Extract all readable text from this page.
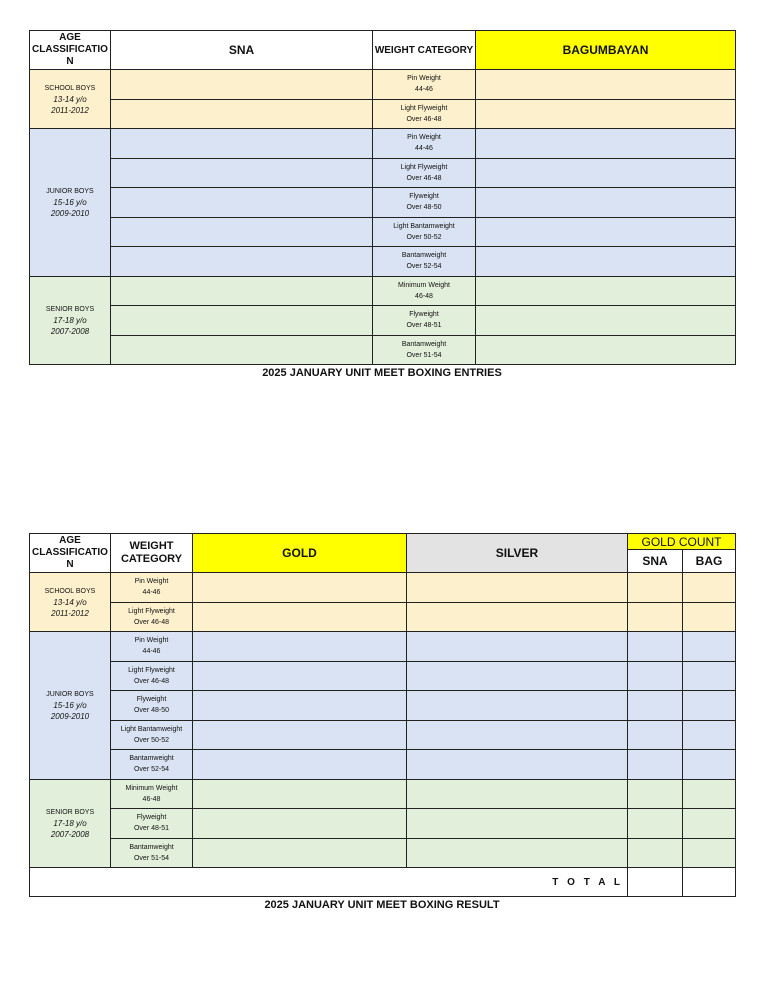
AGE CLASSIFICATIO N	SNA	WEIGHT CATEGORY	BAGUMBAYAN

SCHOOL BOYS
13-14 y/o
2011-2012		Pin Weight
44-46	

		Light Flyweight
Over 46-48	

JUNIOR BOYS
15-16 y/o
2009-2010		Pin Weight
44-46	

		Light Flyweight
Over 46-48	

		Flyweight
Over 48-50	

		Light Bantamweight
Over 50-52	

		Bantamweight
Over 52-54	

SENIOR BOYS
17-18 y/o
2007-2008		Minimum Weight
46-48	

		Flyweight
Over 48-51	

		Bantamweight
Over 51-54	

2025 JANUARY UNIT MEET BOXING ENTRIES
AGE CLASSIFICATIO N	WEIGHT CATEGORY	GOLD	SILVER	GOLD COUNT	
				SNA	BAG

SCHOOL BOYS
13-14 y/o
2011-2012	Pin Weight
44-46				

	Light Flyweight
Over 46-48				

JUNIOR BOYS
15-16 y/o
2009-2010	Pin Weight
44-46				

	Light Flyweight
Over 46-48				

	Flyweight
Over 48-50				

	Light Bantamweight
Over 50-52				

	Bantamweight
Over 52-54				

SENIOR BOYS
17-18 y/o
2007-2008	Minimum Weight
46-48				

	Flyweight
Over 48-51				

	Bantamweight
Over 51-54				

T O T A L					
2025 JANUARY UNIT MEET BOXING RESULT
